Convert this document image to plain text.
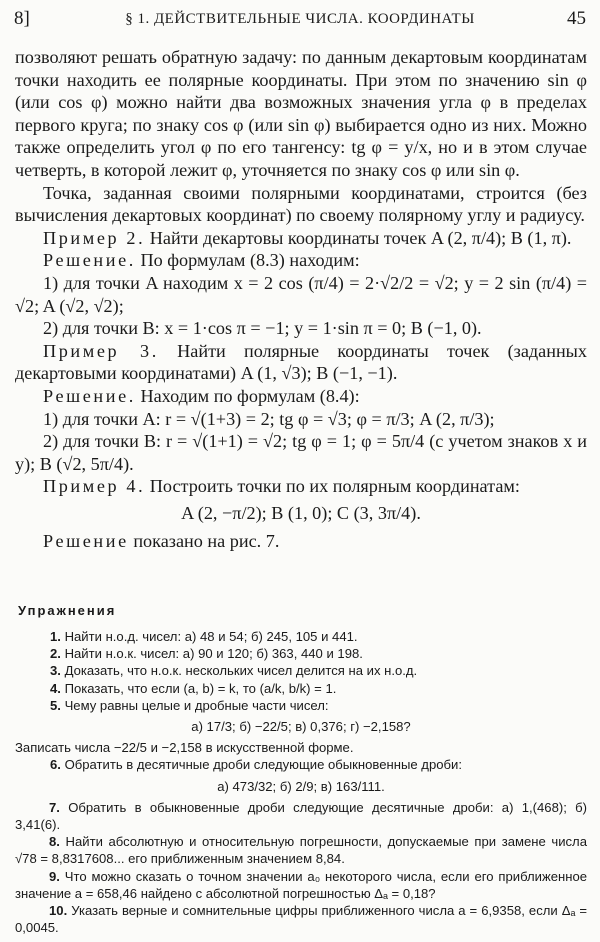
8]	§ 1. ДЕЙСТВИТЕЛЬНЫЕ ЧИСЛА. КООРДИНАТЫ	45

позволяют решать обратную задачу: по данным декартовым координатам точки находить ее полярные координаты. При этом по значению sin φ (или cos φ) можно найти два возможных значения угла φ в пределах первого круга; по знаку cos φ (или sin φ) выбирается одно из них. Можно также определить угол φ по его тангенсу: tg φ = y/x, но и в этом случае четверть, в которой лежит φ, уточняется по знаку cos φ или sin φ.

Точка, заданная своими полярными координатами, строится (без вычисления декартовых координат) по своему полярному углу и радиусу.

Пример 2. Найти декартовы координаты точек A (2, π/4); B (1, π).

Решение. По формулам (8.3) находим:

1) для точки A находим x = 2 cos (π/4) = 2·√2/2 = √2; y = 2 sin (π/4) = √2; A (√2, √2);

2) для точки B: x = 1·cos π = −1; y = 1·sin π = 0; B (−1, 0).

Пример 3. Найти полярные координаты точек (заданных декартовыми координатами) A (1, √3); B (−1, −1).

Решение. Находим по формулам (8.4):

1) для точки A: r = √(1+3) = 2; tg φ = √3; φ = π/3; A (2, π/3);

2) для точки B: r = √(1+1) = √2; tg φ = 1; φ = 5π/4 (с учетом знаков x и y); B (√2, 5π/4).

Пример 4. Построить точки по их полярным координатам:

A (2, −π/2); B (1, 0); C (3, 3π/4).

Решение показано на рис. 7.

Упражнения

1. Найти н.о.д. чисел: а) 48 и 54; б) 245, 105 и 441.

2. Найти н.о.к. чисел: а) 90 и 120; б) 363, 440 и 198.

3. Доказать, что н.о.к. нескольких чисел делится на их н.о.д.

4. Показать, что если (a, b) = k, то (a/k, b/k) = 1.

5. Чему равны целые и дробные части чисел:

а) 17/3; б) −22/5; в) 0,376; г) −2,158?

Записать числа −22/5 и −2,158 в искусственной форме.

6. Обратить в десятичные дроби следующие обыкновенные дроби:

а) 473/32; б) 2/9; в) 163/111.

7. Обратить в обыкновенные дроби следующие десятичные дроби: а) 1,(468); б) 3,41(6).

8. Найти абсолютную и относительную погрешности, допускаемые при замене числа √78 = 8,8317608... его приближенным значением 8,84.

9. Что можно сказать о точном значении a₀ некоторого числа, если его приближенное значение a = 658,46 найдено с абсолютной погрешностью Δₐ = 0,18?

10. Указать верные и сомнительные цифры приближенного числа a = 6,9358, если Δₐ = 0,0045.
